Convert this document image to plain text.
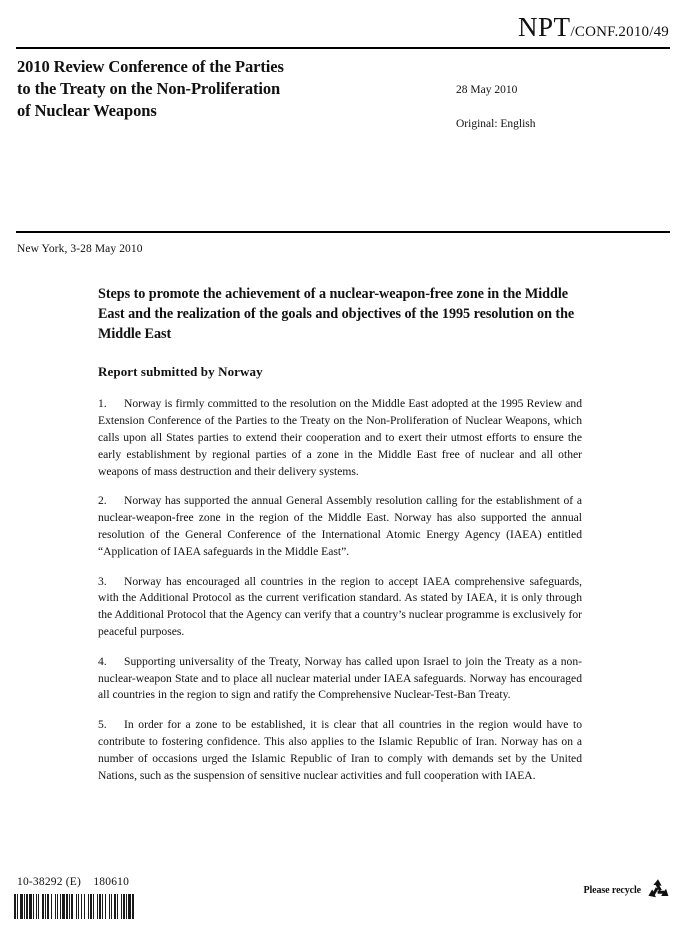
NPT/CONF.2010/49
2010 Review Conference of the Parties
to the Treaty on the Non-Proliferation
of Nuclear Weapons
28 May 2010
Original: English
New York, 3-28 May 2010
Steps to promote the achievement of a nuclear-weapon-free zone in the Middle East and the realization of the goals and objectives of the 1995 resolution on the Middle East
Report submitted by Norway

1. Norway is firmly committed to the resolution on the Middle East adopted at the 1995 Review and Extension Conference of the Parties to the Treaty on the Non-Proliferation of Nuclear Weapons, which calls upon all States parties to extend their cooperation and to exert their utmost efforts to ensure the early establishment by regional parties of a zone in the Middle East free of nuclear and all other weapons of mass destruction and their delivery systems.

2. Norway has supported the annual General Assembly resolution calling for the establishment of a nuclear-weapon-free zone in the region of the Middle East. Norway has also supported the annual resolution of the General Conference of the International Atomic Energy Agency (IAEA) entitled “Application of IAEA safeguards in the Middle East”.

3. Norway has encouraged all countries in the region to accept IAEA comprehensive safeguards, with the Additional Protocol as the current verification standard. As stated by IAEA, it is only through the Additional Protocol that the Agency can verify that a country’s nuclear programme is exclusively for peaceful purposes.

4. Supporting universality of the Treaty, Norway has called upon Israel to join the Treaty as a non-nuclear-weapon State and to place all nuclear material under IAEA safeguards. Norway has encouraged all countries in the region to sign and ratify the Comprehensive Nuclear-Test-Ban Treaty.

5. In order for a zone to be established, it is clear that all countries in the region would have to contribute to fostering confidence. This also applies to the Islamic Republic of Iran. Norway has on a number of occasions urged the Islamic Republic of Iran to comply with demands set by the United Nations, such as the suspension of sensitive nuclear activities and full cooperation with IAEA.

10-38292 (E)    180610
Please recycle
